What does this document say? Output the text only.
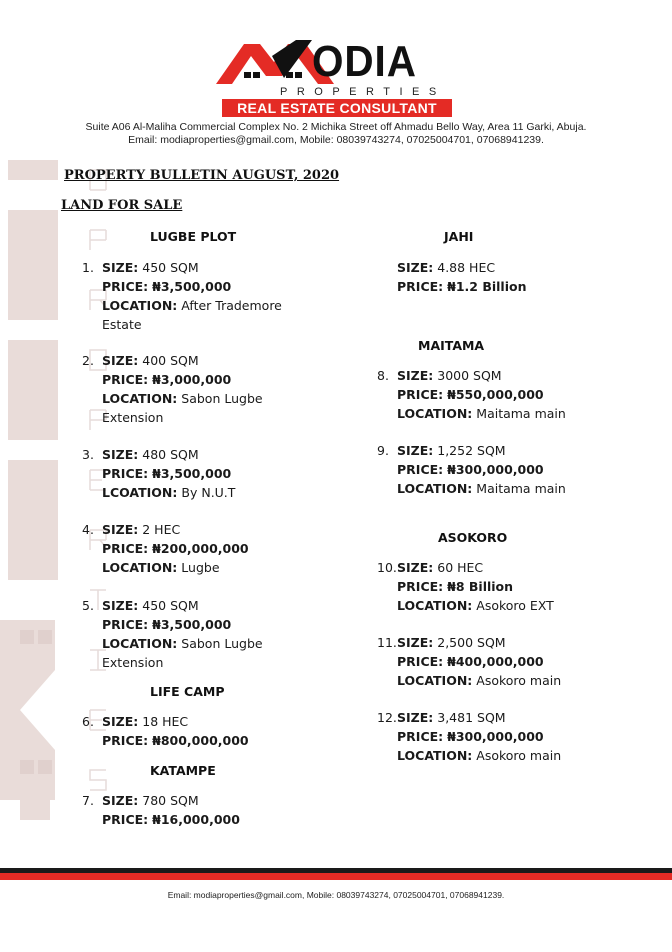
ODIA
PROPERTIES
REAL ESTATE CONSULTANT
Suite A06 Al-Maliha Commercial Complex No. 2 Michika Street off Ahmadu Bello Way, Area 11 Garki, Abuja.
Email: modiaproperties@gmail.com, Mobile: 08039743274, 07025004701, 07068941239.
PROPERTY BULLETIN AUGUST, 2020
LAND FOR SALE
LUGBE PLOT
1. SIZE: 450 SQM
PRICE: ₦3,500,000
LOCATION: After Trademore Estate
2. SIZE: 400 SQM
PRICE: ₦3,000,000
LOCATION: Sabon Lugbe Extension
3. SIZE: 480 SQM
PRICE: ₦3,500,000
LCOATION: By N.U.T
4. SIZE: 2 HEC
PRICE: ₦200,000,000
LOCATION: Lugbe
5. SIZE: 450 SQM
PRICE: ₦3,500,000
LOCATION: Sabon Lugbe Extension
LIFE CAMP
6. SIZE: 18 HEC
PRICE: ₦800,000,000
KATAMPE
7. SIZE: 780 SQM
PRICE: ₦16,000,000
JAHI
SIZE: 4.88 HEC
PRICE: ₦1.2 Billion
MAITAMA
8. SIZE: 3000 SQM
PRICE: ₦550,000,000
LOCATION: Maitama main
9. SIZE: 1,252 SQM
PRICE: ₦300,000,000
LOCATION: Maitama main
ASOKORO
10. SIZE: 60 HEC
PRICE: ₦8 Billion
LOCATION: Asokoro EXT
11. SIZE: 2,500 SQM
PRICE: ₦400,000,000
LOCATION: Asokoro main
12. SIZE: 3,481 SQM
PRICE: ₦300,000,000
LOCATION: Asokoro main
Email: modiaproperties@gmail.com, Mobile: 08039743274, 07025004701, 07068941239.
